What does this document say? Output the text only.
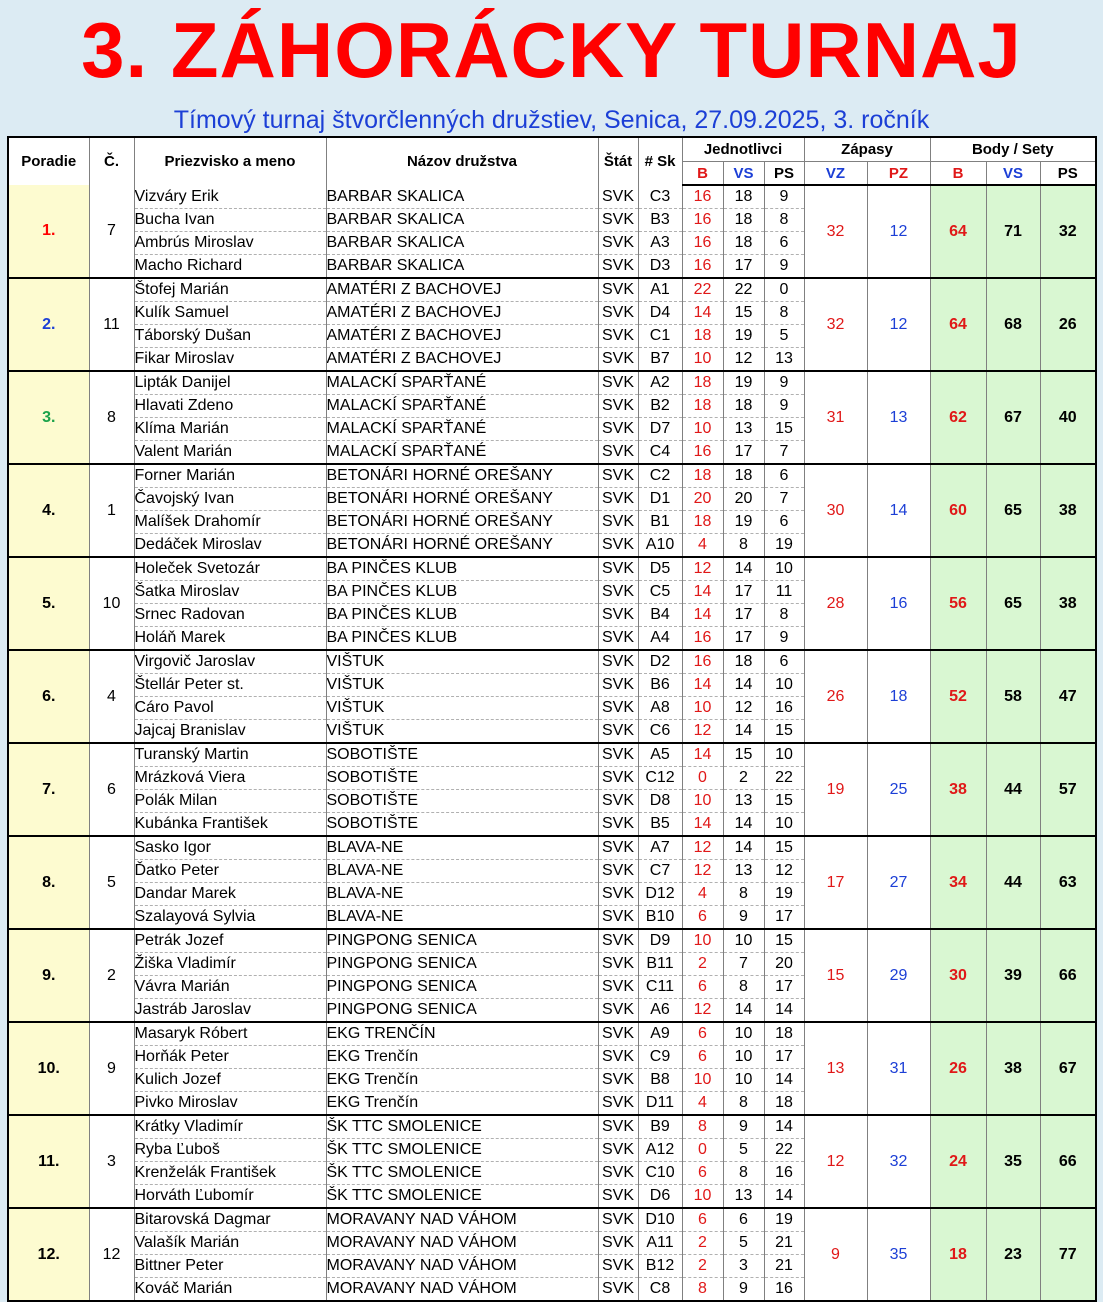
3. ZÁHORÁCKY TURNAJ
Tímový turnaj štvorčlenných družstiev, Senica, 27.09.2025, 3. ročník
Poradie	Č.	Priezvisko a meno	Názov družstva	Štát	# Sk	Jednotlivci			Zápasy		Body / Sety		
						B	VS	PS	VZ	PZ	B	VS	PS
1.	7	Vizváry Erik	BARBAR SKALICA	SVK	C3	16	18	9	32	12	64	71	32
		Bucha Ivan	BARBAR SKALICA	SVK	B3	16	18	8					
		Ambrús Miroslav	BARBAR SKALICA	SVK	A3	16	18	6					
		Macho Richard	BARBAR SKALICA	SVK	D3	16	17	9					
2.	11	Štofej Marián	AMATÉRI Z BACHOVEJ	SVK	A1	22	22	0	32	12	64	68	26
		Kulík Samuel	AMATÉRI Z BACHOVEJ	SVK	D4	14	15	8					
		Táborský Dušan	AMATÉRI Z BACHOVEJ	SVK	C1	18	19	5					
		Fikar Miroslav	AMATÉRI Z BACHOVEJ	SVK	B7	10	12	13					
3.	8	Lipták Danijel	MALACKÍ SPARŤANÉ	SVK	A2	18	19	9	31	13	62	67	40
		Hlavati Zdeno	MALACKÍ SPARŤANÉ	SVK	B2	18	18	9					
		Klíma Marián	MALACKÍ SPARŤANÉ	SVK	D7	10	13	15					
		Valent Marián	MALACKÍ SPARŤANÉ	SVK	C4	16	17	7					
4.	1	Forner Marián	BETONÁRI HORNÉ OREŠANY	SVK	C2	18	18	6	30	14	60	65	38
		Čavojský Ivan	BETONÁRI HORNÉ OREŠANY	SVK	D1	20	20	7					
		Malíšek Drahomír	BETONÁRI HORNÉ OREŠANY	SVK	B1	18	19	6					
		Dedáček Miroslav	BETONÁRI HORNÉ OREŠANY	SVK	A10	4	8	19					
5.	10	Holeček Svetozár	BA PINČES KLUB	SVK	D5	12	14	10	28	16	56	65	38
		Šatka Miroslav	BA PINČES KLUB	SVK	C5	14	17	11					
		Srnec Radovan	BA PINČES KLUB	SVK	B4	14	17	8					
		Holáň Marek	BA PINČES KLUB	SVK	A4	16	17	9					
6.	4	Virgovič Jaroslav	VIŠTUK	SVK	D2	16	18	6	26	18	52	58	47
		Štellár Peter st.	VIŠTUK	SVK	B6	14	14	10					
		Cáro Pavol	VIŠTUK	SVK	A8	10	12	16					
		Jajcaj Branislav	VIŠTUK	SVK	C6	12	14	15					
7.	6	Turanský Martin	SOBOTIŠTE	SVK	A5	14	15	10	19	25	38	44	57
		Mrázková Viera	SOBOTIŠTE	SVK	C12	0	2	22					
		Polák Milan	SOBOTIŠTE	SVK	D8	10	13	15					
		Kubánka František	SOBOTIŠTE	SVK	B5	14	14	10					
8.	5	Sasko Igor	BLAVA-NE	SVK	A7	12	14	15	17	27	34	44	63
		Ďatko Peter	BLAVA-NE	SVK	C7	12	13	12					
		Dandar Marek	BLAVA-NE	SVK	D12	4	8	19					
		Szalayová Sylvia	BLAVA-NE	SVK	B10	6	9	17					
9.	2	Petrák Jozef	PINGPONG SENICA	SVK	D9	10	10	15	15	29	30	39	66
		Žiška Vladimír	PINGPONG SENICA	SVK	B11	2	7	20					
		Vávra Marián	PINGPONG SENICA	SVK	C11	6	8	17					
		Jastráb Jaroslav	PINGPONG SENICA	SVK	A6	12	14	14					
10.	9	Masaryk Róbert	EKG TRENČÍN	SVK	A9	6	10	18	13	31	26	38	67
		Horňák Peter	EKG Trenčín	SVK	C9	6	10	17					
		Kulich Jozef	EKG Trenčín	SVK	B8	10	10	14					
		Pivko Miroslav	EKG Trenčín	SVK	D11	4	8	18					
11.	3	Krátky Vladimír	ŠK TTC SMOLENICE	SVK	B9	8	9	14	12	32	24	35	66
		Ryba Ľuboš	ŠK TTC SMOLENICE	SVK	A12	0	5	22					
		Krenželák František	ŠK TTC SMOLENICE	SVK	C10	6	8	16					
		Horváth Ľubomír	ŠK TTC SMOLENICE	SVK	D6	10	13	14					
12.	12	Bitarovská Dagmar	MORAVANY NAD VÁHOM	SVK	D10	6	6	19	9	35	18	23	77
		Valašík Marián	MORAVANY NAD VÁHOM	SVK	A11	2	5	21					
		Bittner Peter	MORAVANY NAD VÁHOM	SVK	B12	2	3	21					
		Kováč Marián	MORAVANY NAD VÁHOM	SVK	C8	8	9	16					
